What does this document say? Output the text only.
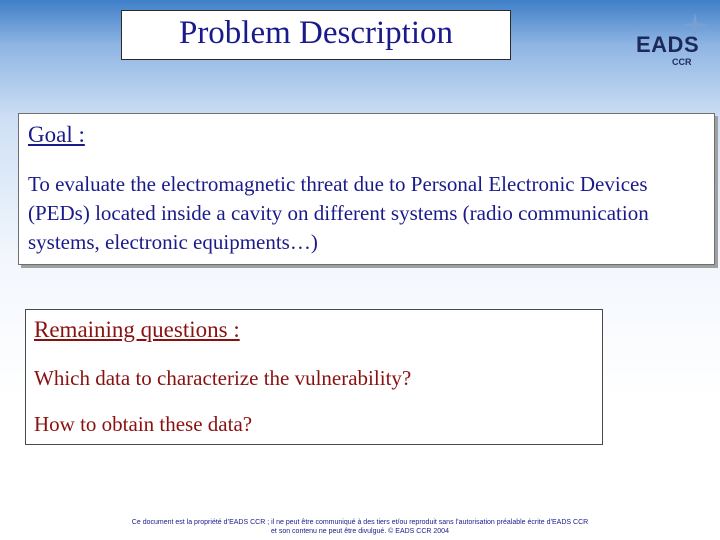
Problem Description	EADS
CCR
Goal :
To evaluate the electromagnetic threat due to Personal Electronic Devices (PEDs) located inside a cavity on different systems (radio communication systems, electronic equipments…)
Remaining questions :
Which data to characterize the vulnerability?
How to obtain these data?
Ce document est la propriété d’EADS CCR ; il ne peut être communiqué à des tiers et/ou reproduit sans l’autorisation préalable écrite d’EADS CCR
et son contenu ne peut être divulgué. © EADS CCR 2004
